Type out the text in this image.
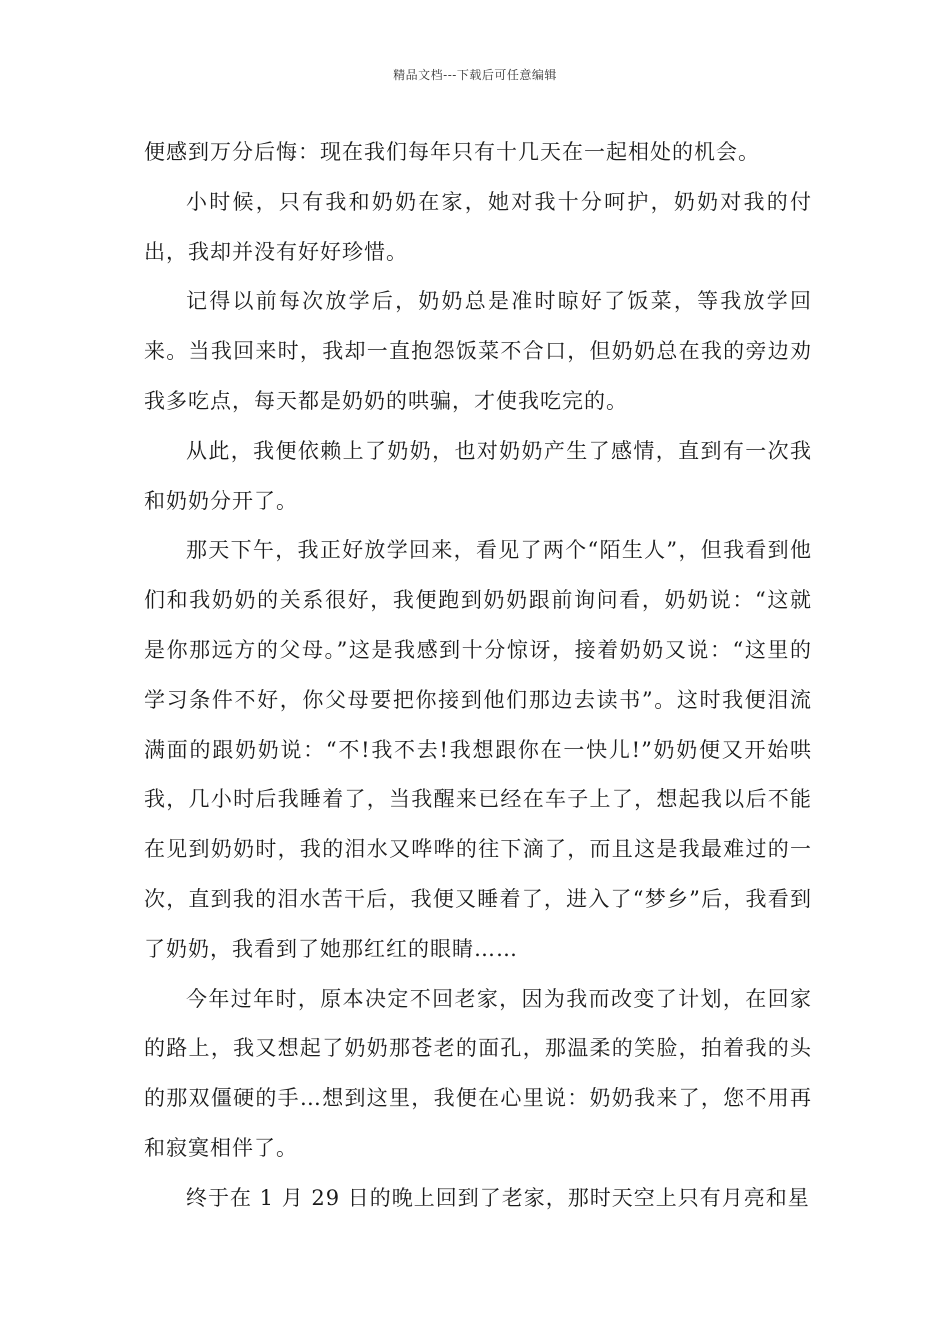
精品文档---下载后可任意编辑

便感到万分后悔：现在我们每年只有十几天在一起相处的机会。

小时候，只有我和奶奶在家，她对我十分呵护，奶奶对我的付出，我却并没有好好珍惜。

记得以前每次放学后，奶奶总是准时晾好了饭菜，等我放学回来。当我回来时，我却一直抱怨饭菜不合口，但奶奶总在我的旁边劝我多吃点，每天都是奶奶的哄骗，才使我吃完的。

从此，我便依赖上了奶奶，也对奶奶产生了感情，直到有一次我和奶奶分开了。

那天下午，我正好放学回来，看见了两个“陌生人”，但我看到他们和我奶奶的关系很好，我便跑到奶奶跟前询问看，奶奶说：“这就是你那远方的父母。”这是我感到十分惊讶，接着奶奶又说：“这里的学习条件不好，你父母要把你接到他们那边去读书”。这时我便泪流满面的跟奶奶说：“不!我不去!我想跟你在一快儿!”奶奶便又开始哄我，几小时后我睡着了，当我醒来已经在车子上了，想起我以后不能在见到奶奶时，我的泪水又哗哗的往下滴了，而且这是我最难过的一次，直到我的泪水苦干后，我便又睡着了，进入了“梦乡”后，我看到了奶奶，我看到了她那红红的眼睛……

今年过年时，原本决定不回老家，因为我而改变了计划，在回家的路上，我又想起了奶奶那苍老的面孔，那温柔的笑脸，拍着我的头的那双僵硬的手…想到这里，我便在心里说：奶奶我来了，您不用再和寂寞相伴了。

终于在 1 月 29 日的晚上回到了老家，那时天空上只有月亮和星
